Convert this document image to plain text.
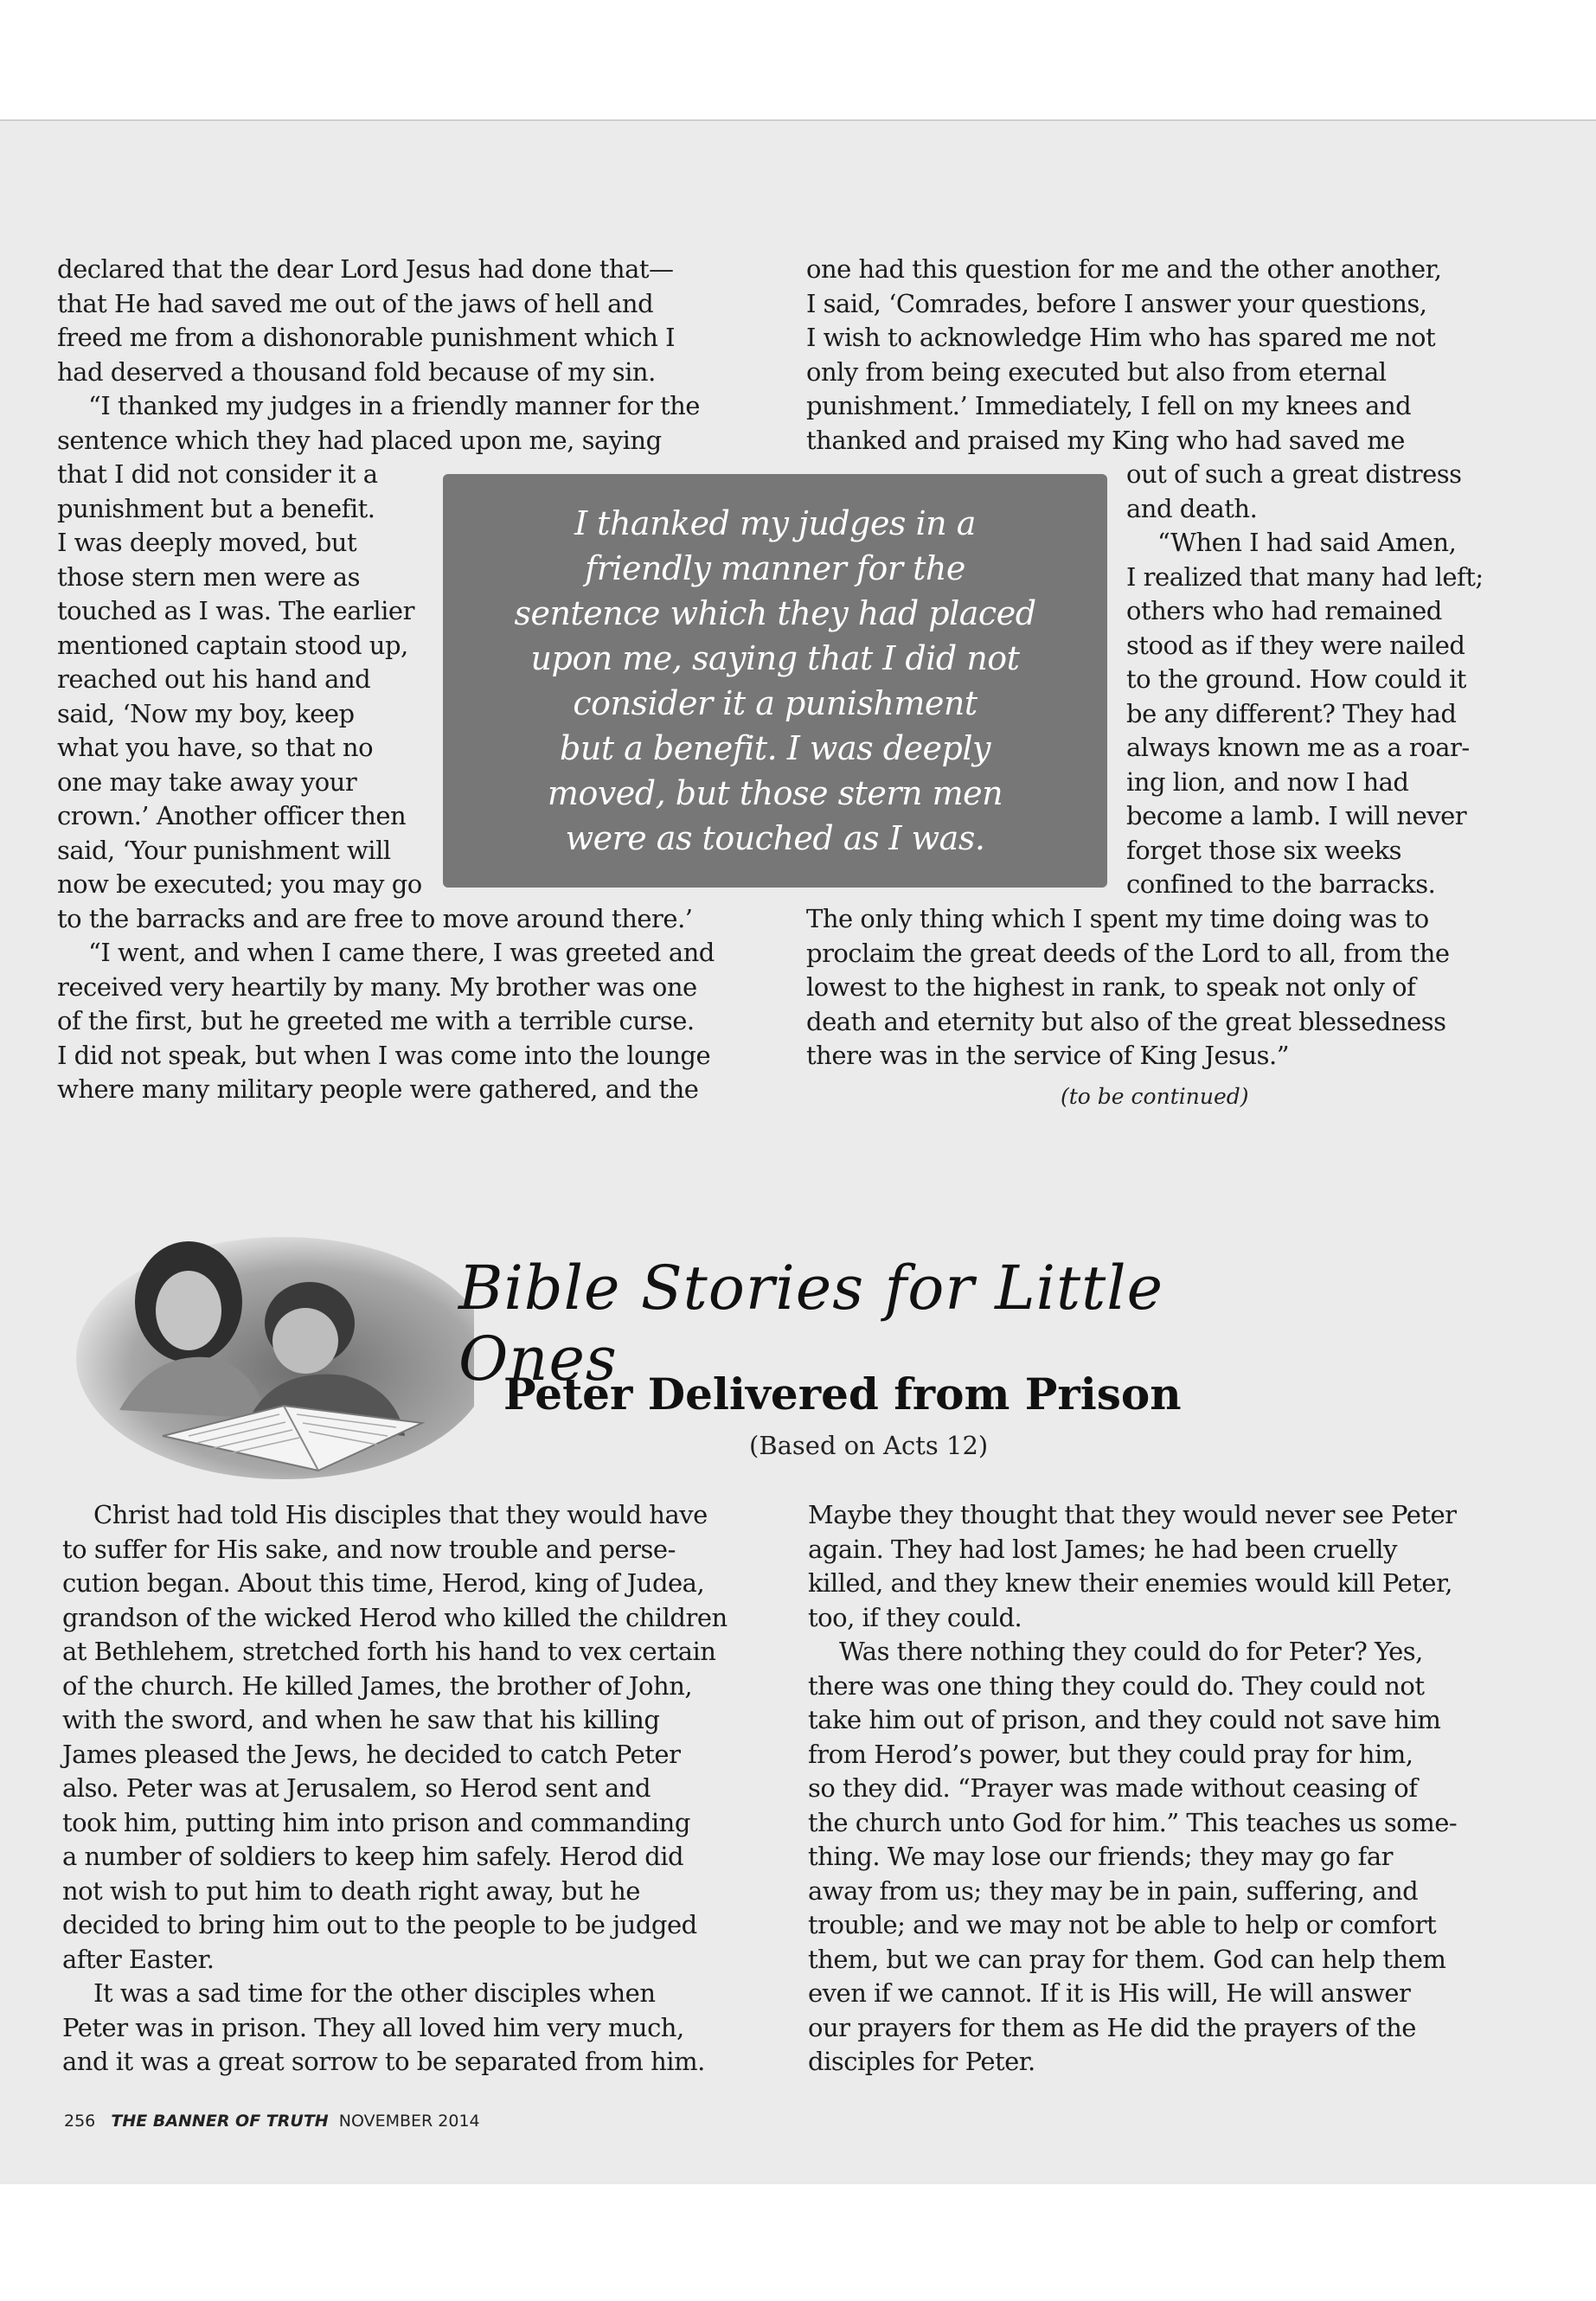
declared that the dear Lord Jesus had done that—

that He had saved me out of the jaws of hell and

freed me from a dishonorable punishment which I

had deserved a thousand fold because of my sin.

“I thanked my judges in a friendly manner for the

sentence which they had placed upon me, saying

that I did not consider it a

punishment but a benefit.

I was deeply moved, but

those stern men were as

touched as I was. The earlier

mentioned captain stood up,

reached out his hand and

said, ‘Now my boy, keep

what you have, so that no

one may take away your

crown.’ Another officer then

said, ‘Your punishment will

now be executed; you may go

to the barracks and are free to move around there.’

“I went, and when I came there, I was greeted and

received very heartily by many. My brother was one

of the first, but he greeted me with a terrible curse.

I did not speak, but when I was come into the lounge

where many military people were gathered, and the

one had this question for me and the other another,

I said, ‘Comrades, before I answer your questions,

I wish to acknowledge Him who has spared me not

only from being executed but also from eternal

punishment.’ Immediately, I fell on my knees and

thanked and praised my King who had saved me

out of such a great distress

and death.

“When I had said Amen,

I realized that many had left;

others who had remained

stood as if they were nailed

to the ground. How could it

be any different? They had

always known me as a roar-

ing lion, and now I had

become a lamb. I will never

forget those six weeks

confined to the barracks.

The only thing which I spent my time doing was to

proclaim the great deeds of the Lord to all, from the

lowest to the highest in rank, to speak not only of

death and eternity but also of the great blessedness

there was in the service of King Jesus.”

(to be continued)

I thanked my judges in a
friendly manner for the
sentence which they had placed
upon me, saying that I did not
consider it a punishment
but a benefit. I was deeply
moved, but those stern men
were as touched as I was.

Bible Stories for Little Ones
Peter Delivered from Prison
(Based on Acts 12)

Christ had told His disciples that they would have

to suffer for His sake, and now trouble and perse-

cution began. About this time, Herod, king of Judea,

grandson of the wicked Herod who killed the children

at Bethlehem, stretched forth his hand to vex certain

of the church. He killed James, the brother of John,

with the sword, and when he saw that his killing

James pleased the Jews, he decided to catch Peter

also. Peter was at Jerusalem, so Herod sent and

took him, putting him into prison and commanding

a number of soldiers to keep him safely. Herod did

not wish to put him to death right away, but he

decided to bring him out to the people to be judged

after Easter.

It was a sad time for the other disciples when

Peter was in prison. They all loved him very much,

and it was a great sorrow to be separated from him.

Maybe they thought that they would never see Peter

again. They had lost James; he had been cruelly

killed, and they knew their enemies would kill Peter,

too, if they could.

Was there nothing they could do for Peter? Yes,

there was one thing they could do. They could not

take him out of prison, and they could not save him

from Herod’s power, but they could pray for him,

so they did. “Prayer was made without ceasing of

the church unto God for him.” This teaches us some-

thing. We may lose our friends; they may go far

away from us; they may be in pain, suffering, and

trouble; and we may not be able to help or comfort

them, but we can pray for them. God can help them

even if we cannot. If it is His will, He will answer

our prayers for them as He did the prayers of the

disciples for Peter.

256 THE BANNER OF TRUTH NOVEMBER 2014
